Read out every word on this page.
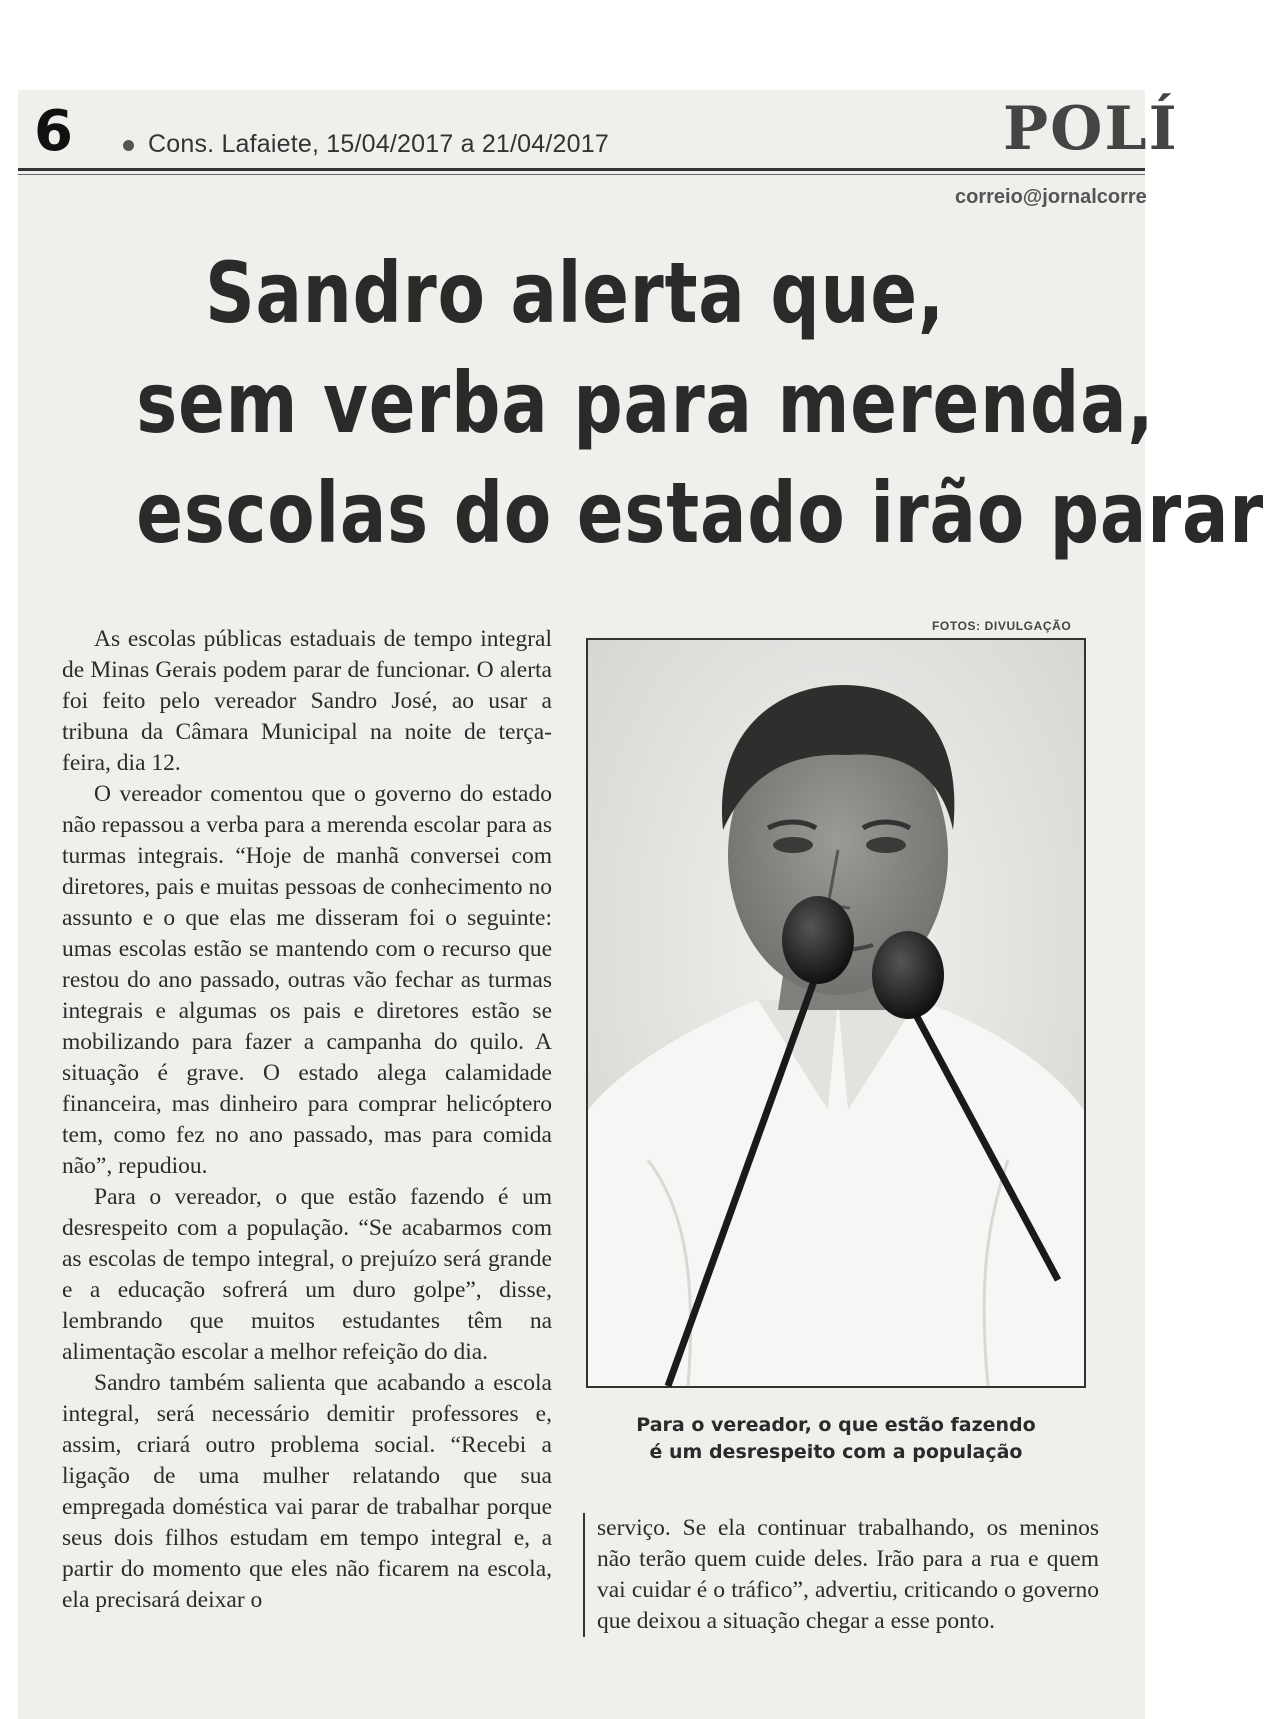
6	Cons. Lafaiete, 15/04/2017 a 21/04/2017	POLÍ
correio@jornalcorre
Sandro alerta que,
sem verba para merenda,
escolas do estado irão parar
FOTOS: DIVULGAÇÃO
Para o vereador, o que estão fazendo
é um desrespeito com a população

As escolas públicas estaduais de tempo integral de Minas Gerais podem parar de funcionar. O alerta foi feito pelo vereador Sandro José, ao usar a tribuna da Câmara Municipal na noite de terça-feira, dia 12.

O vereador comentou que o governo do estado não repassou a verba para a merenda escolar para as turmas integrais. “Hoje de manhã conversei com diretores, pais e muitas pessoas de conhecimento no assunto e o que elas me disseram foi o seguinte: umas escolas estão se mantendo com o recurso que restou do ano passado, outras vão fechar as turmas integrais e algumas os pais e diretores estão se mobilizando para fazer a campanha do quilo. A situação é grave. O estado alega calamidade financeira, mas dinheiro para comprar helicóptero tem, como fez no ano passado, mas para comida não”, repudiou.

Para o vereador, o que estão fazendo é um desrespeito com a população. “Se acabarmos com as escolas de tempo integral, o prejuízo será grande e a educação sofrerá um duro golpe”, disse, lembrando que muitos estudantes têm na alimentação escolar a melhor refeição do dia.

Sandro também salienta que acabando a escola integral, será necessário demitir professores e, assim, criará outro problema social. “Recebi a ligação de uma mulher relatando que sua empregada doméstica vai parar de trabalhar porque seus dois filhos estudam em tempo integral e, a partir do momento que eles não ficarem na escola, ela precisará deixar o

serviço. Se ela continuar trabalhando, os meninos não terão quem cuide deles. Irão para a rua e quem vai cuidar é o tráfico”, advertiu, criticando o governo que deixou a situação chegar a esse ponto.
